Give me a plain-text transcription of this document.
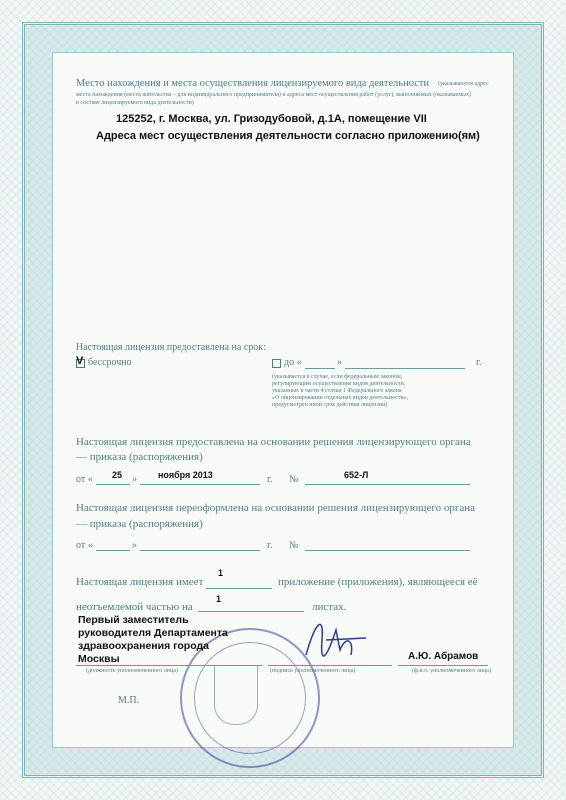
Место нахождения и места осуществления лицензируемого вида деятельности (указываются адрес
места нахождения (места жительства – для индивидуального предпринимателя) и адреса мест осуществления работ (услуг), выполняемых (оказываемых)
в составе лицензируемого вида деятельности)
125252, г. Москва, ул. Гризодубовой, д.1А, помещение VII
Адреса мест осуществления деятельности согласно приложению(ям)
Настоящая лицензия предоставлена на срок:
V бессрочно	до «	»	г.
(указывается в случае, если федеральным законом,
регулирующим осуществление видов деятельности,
указанных в части 4 статьи 1 Федерального закона
«О лицензировании отдельных видов деятельности»,
предусмотрен иной срок действия лицензии)
Настоящая лицензия предоставлена на основании решения лицензирующего органа
— приказа (распоряжения)
от « 25 » ноября 2013	г. №	652-Л
Настоящая лицензия переоформлена на основании решения лицензирующего органа
— приказа (распоряжения)
от «	»	г. №
Настоящая лицензия имеет
1
приложение (приложения), являющееся её
неотъемлемой частью на
1
листах.
Первый заместитель
руководителя Департамента
здравоохранения города
Москвы	А.Ю. Абрамов
(должность уполномоченного лица)	(подпись уполномоченного лица)	(ф.и.о. уполномоченного лица)
М.П.
